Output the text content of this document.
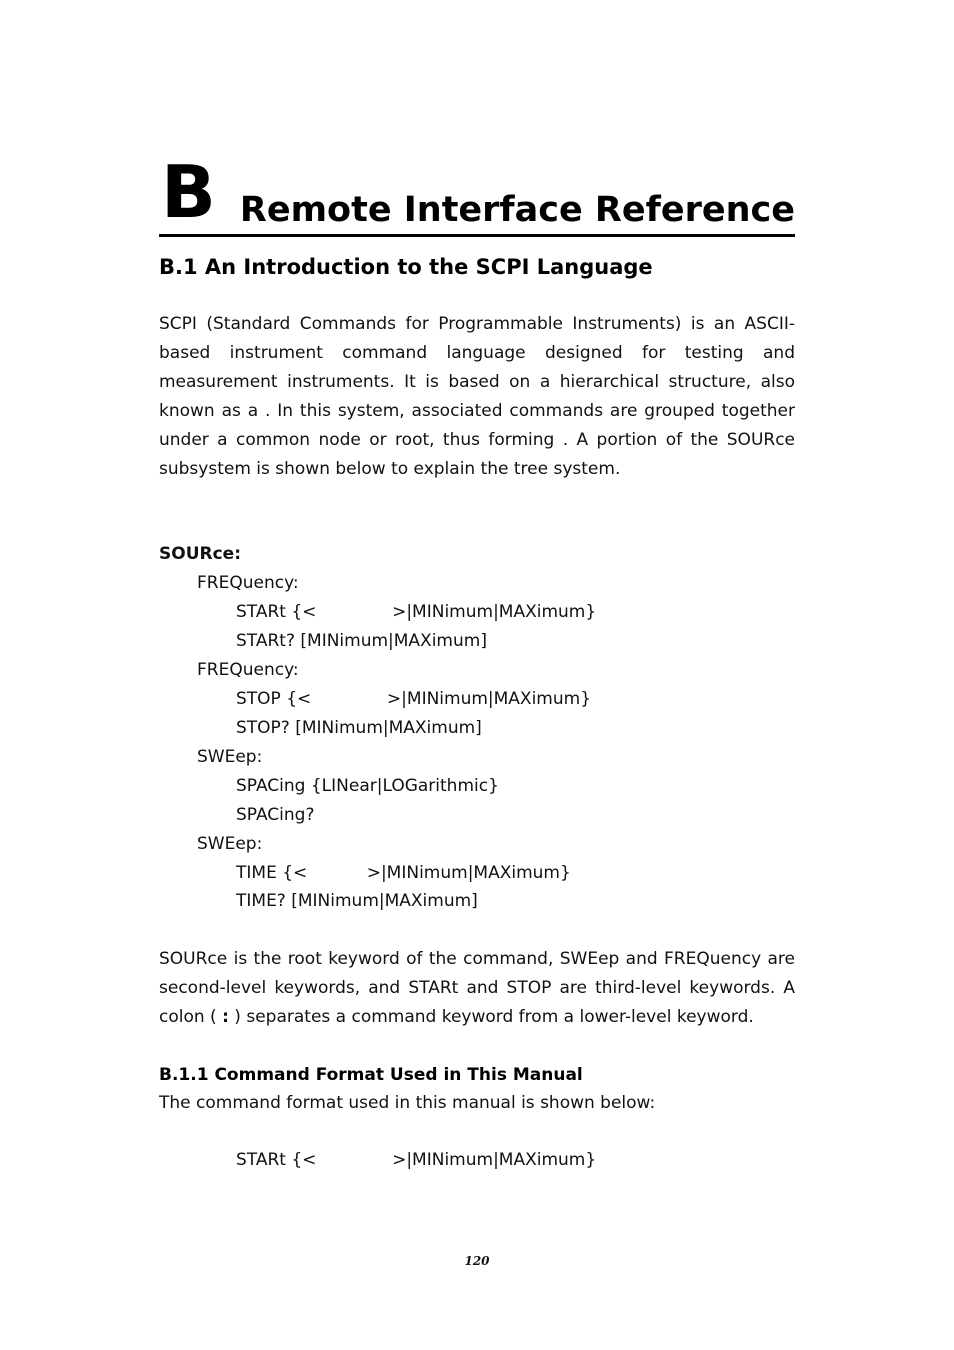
B Remote Interface Reference
B.1 An Introduction to the SCPI Language

SCPI (Standard Commands for Programmable Instruments) is an ASCII-based instrument command language designed for testing and measurement instruments. It is based on a hierarchical structure, also known as a . In this system, associated commands are grouped together under a common node or root, thus forming . A portion of the SOURce subsystem is shown below to explain the tree system.

SOURce:
FREQuency:
STARt {<              >|MINimum|MAXimum}
STARt? [MINimum|MAXimum]
FREQuency:
STOP {<              >|MINimum|MAXimum}
STOP? [MINimum|MAXimum]
SWEep:
SPACing {LINear|LOGarithmic}
SPACing?
SWEep:
TIME {<           >|MINimum|MAXimum}
TIME? [MINimum|MAXimum]

SOURce is the root keyword of the command, SWEep and FREQuency are second-level keywords, and STARt and STOP are third-level keywords. A colon ( : ) separates a command keyword from a lower-level keyword.

B.1.1 Command Format Used in This Manual

The command format used in this manual is shown below:

STARt {<              >|MINimum|MAXimum}
120
